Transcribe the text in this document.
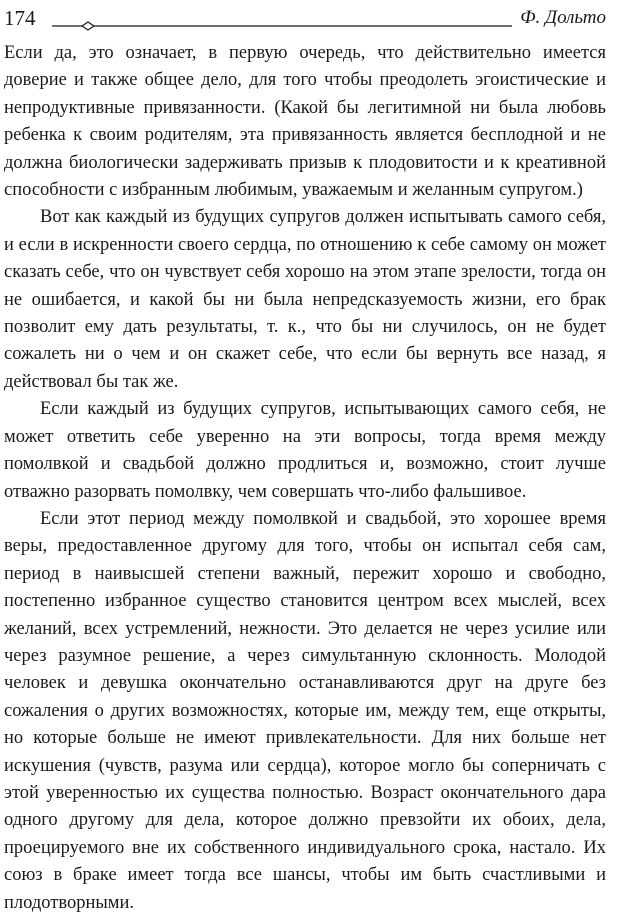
174	Ф. Дольто

Если да, это означает, в первую очередь, что действительно имеется доверие и также общее дело, для того чтобы преодолеть эгоистические и непродуктивные привязанности. (Какой бы легитимной ни была любовь ребенка к своим родителям, эта привязанность является бесплодной и не должна биологически задерживать призыв к плодовитости и к креативной способности с избранным любимым, уважаемым и желанным супругом.)

Вот как каждый из будущих супругов должен испытывать самого себя, и если в искренности своего сердца, по отношению к себе самому он может сказать себе, что он чувствует себя хорошо на этом этапе зрелости, тогда он не ошибается, и какой бы ни была непредсказуемость жизни, его брак позволит ему дать результаты, т. к., что бы ни случилось, он не будет сожалеть ни о чем и он скажет себе, что если бы вернуть все назад, я действовал бы так же.

Если каждый из будущих супругов, испытывающих самого себя, не может ответить себе уверенно на эти вопросы, тогда время между помолвкой и свадьбой должно продлиться и, возможно, стоит лучше отважно разорвать помолвку, чем совершать что-либо фальшивое.

Если этот период между помолвкой и свадьбой, это хорошее время веры, предоставленное другому для того, чтобы он испытал себя сам, период в наивысшей степени важный, пережит хорошо и свободно, постепенно избранное существо становится центром всех мыслей, всех желаний, всех устремлений, нежности. Это делается не через усилие или через разумное решение, а через симультанную склонность. Молодой человек и девушка окончательно останавливаются друг на друге без сожаления о других возможностях, которые им, между тем, еще открыты, но которые больше не имеют привлекательности. Для них больше нет искушения (чувств, разума или сердца), которое могло бы соперничать с этой уверенностью их существа полностью. Возраст окончательного дара одного другому для дела, которое должно превзойти их обоих, дела, проецируемого вне их собственного индивидуального срока, настало. Их союз в браке имеет тогда все шансы, чтобы им быть счастливыми и плодотворными.
